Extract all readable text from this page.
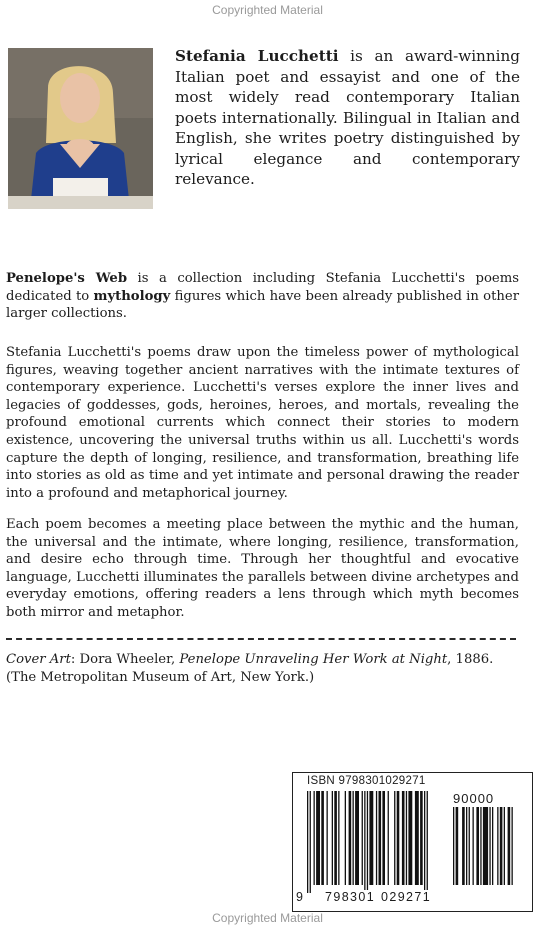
Copyrighted Material

Stefania Lucchetti is an award-winning Italian poet and essayist and one of the most widely read contemporary Italian poets internationally. Bilingual in Italian and English, she writes poetry distinguished by lyrical elegance and contemporary relevance.

Penelope's Web is a collection including Stefania Lucchetti's poems dedicated to mythology figures which have been already published in other larger collections.

Stefania Lucchetti's poems draw upon the timeless power of mythological figures, weaving together ancient narratives with the intimate textures of contemporary experience. Lucchetti's verses explore the inner lives and legacies of goddesses, gods, heroines, heroes, and mortals, revealing the profound emotional currents which connect their stories to modern existence, uncovering the universal truths within us all. Lucchetti's words capture the depth of longing, resilience, and transformation, breathing life into stories as old as time and yet intimate and personal drawing the reader into a profound and metaphorical journey.

Each poem becomes a meeting place between the mythic and the human, the universal and the intimate, where longing, resilience, transformation, and desire echo through time. Through her thoughtful and evocative language, Lucchetti illuminates the parallels between divine archetypes and everyday emotions, offering readers a lens through which myth becomes both mirror and metaphor.

Cover Art: Dora Wheeler, Penelope Unraveling Her Work at Night, 1886. (The Metropolitan Museum of Art, New York.)

ISBN 9798301029271
90000
9 798301 029271
Copyrighted Material
